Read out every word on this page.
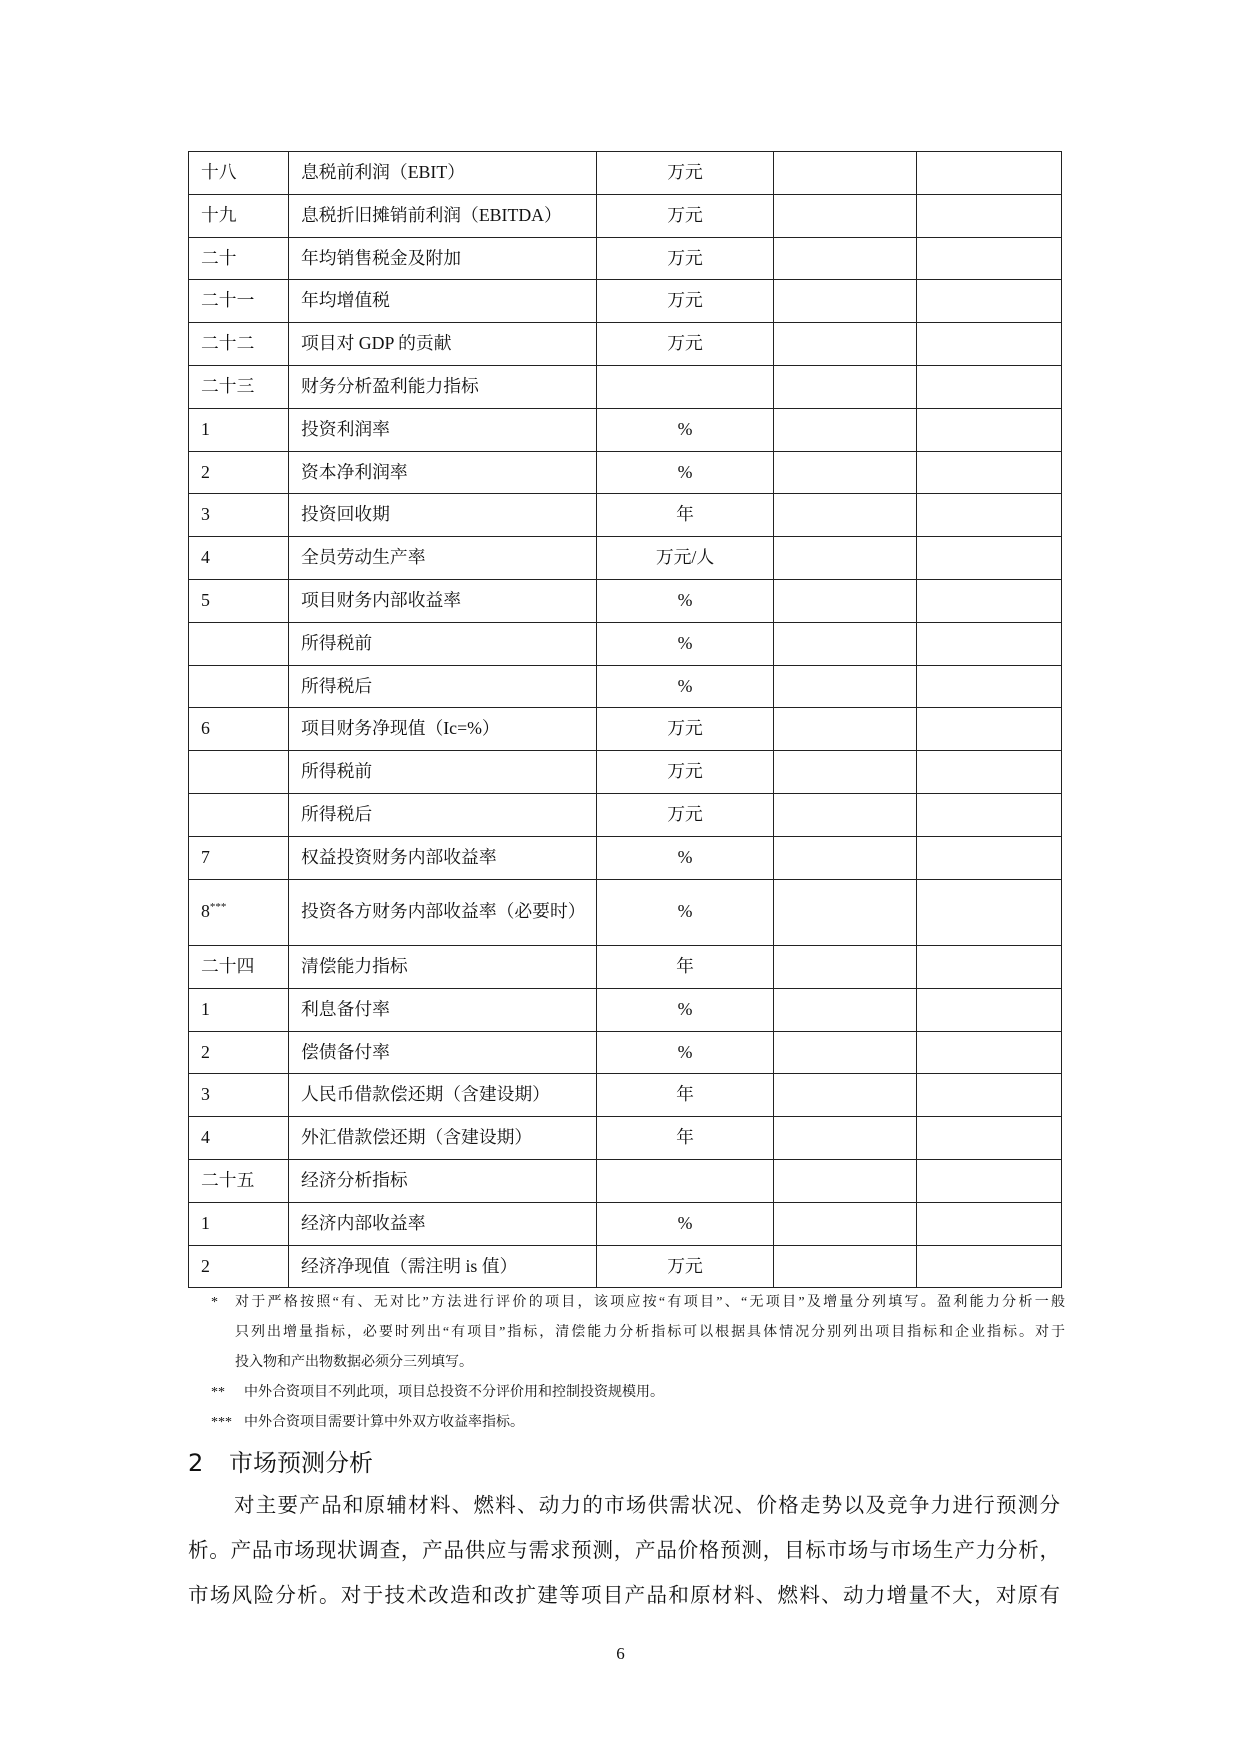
十八	息税前利润（EBIT）	万元		
十九	息税折旧摊销前利润（EBITDA）	万元		
二十	年均销售税金及附加	万元		
二十一	年均增值税	万元		
二十二	项目对 GDP 的贡献	万元		
二十三	财务分析盈利能力指标			
1	投资利润率	%		
2	资本净利润率	%		
3	投资回收期	年		
4	全员劳动生产率	万元/人		
5	项目财务内部收益率	%		
	所得税前	%		
	所得税后	%		
6	项目财务净现值（Ic=%）	万元		
	所得税前	万元		
	所得税后	万元		
7	权益投资财务内部收益率	%		
8***	投资各方财务内部收益率（必要时）	%		
二十四	清偿能力指标	年		
1	利息备付率	%		
2	偿债备付率	%		
3	人民币借款偿还期（含建设期）	年		
4	外汇借款偿还期（含建设期）	年		
二十五	经济分析指标			
1	经济内部收益率	%		
2	经济净现值（需注明 is 值）	万元		
* 对于严格按照“有、无对比”方法进行评价的项目，该项应按“有项目”、“无项目”及增量分列填写。盈利能力分析一般
只列出增量指标，必要时列出“有项目”指标，清偿能力分析指标可以根据具体情况分别列出项目指标和企业指标。对于
投入物和产出物数据必须分三列填写。
** 中外合资项目不列此项，项目总投资不分评价用和控制投资规模用。
*** 中外合资项目需要计算中外双方收益率指标。
2 市场预测分析
对主要产品和原辅材料、燃料、动力的市场供需状况、价格走势以及竞争力进行预测分
析。产品市场现状调查，产品供应与需求预测，产品价格预测，目标市场与市场生产力分析，
市场风险分析。对于技术改造和改扩建等项目产品和原材料、燃料、动力增量不大，对原有
6
